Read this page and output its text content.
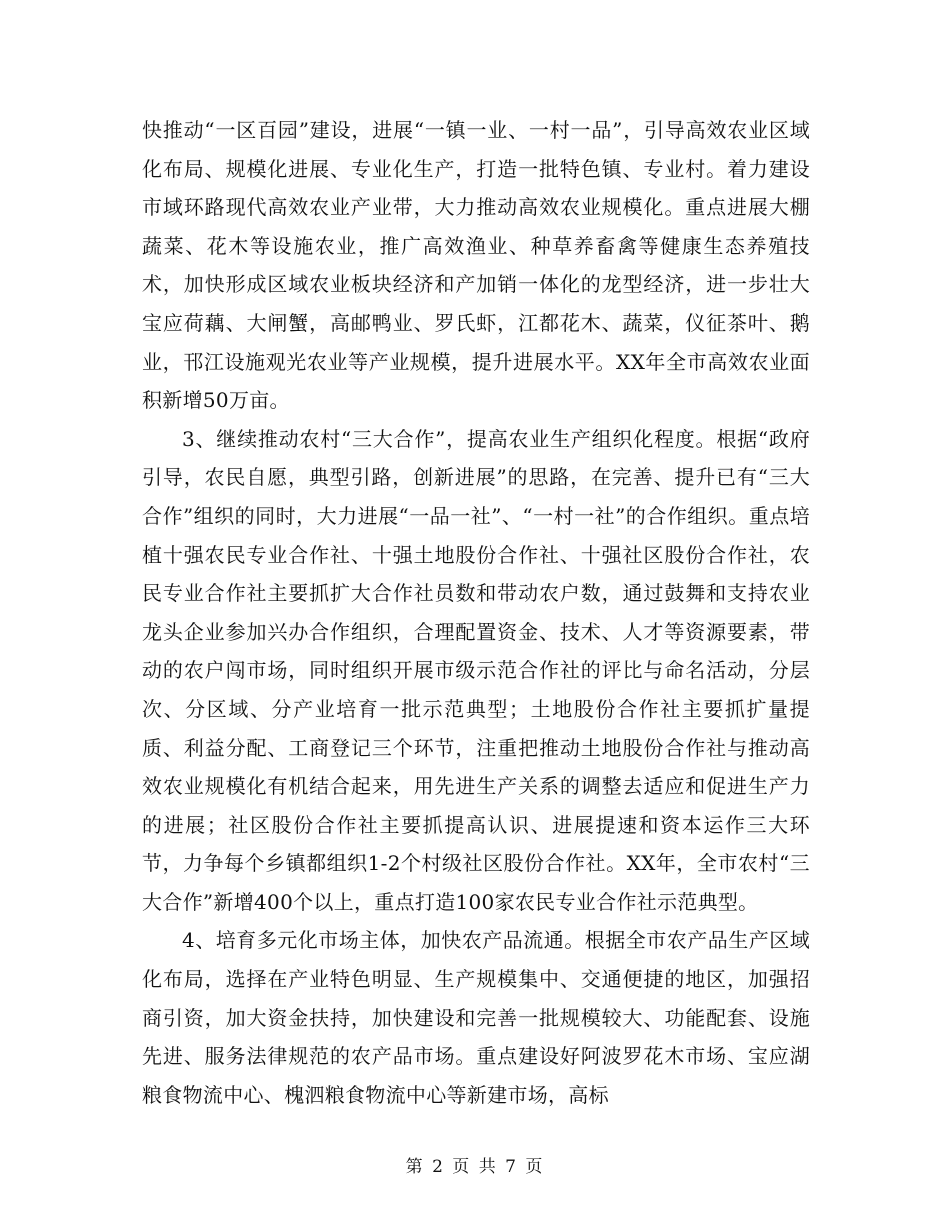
快推动“一区百园”建设，进展“一镇一业、一村一品”，引导高效农业区域化布局、规模化进展、专业化生产，打造一批特色镇、专业村。着力建设市域环路现代高效农业产业带，大力推动高效农业规模化。重点进展大棚蔬菜、花木等设施农业，推广高效渔业、种草养畜禽等健康生态养殖技术，加快形成区域农业板块经济和产加销一体化的龙型经济，进一步壮大宝应荷藕、大闸蟹，高邮鸭业、罗氏虾，江都花木、蔬菜，仪征茶叶、鹅业，邗江设施观光农业等产业规模，提升进展水平。XX年全市高效农业面积新增50万亩。

3、继续推动农村“三大合作”，提高农业生产组织化程度。根据“政府引导，农民自愿，典型引路，创新进展”的思路，在完善、提升已有“三大合作”组织的同时，大力进展“一品一社”、“一村一社”的合作组织。重点培植十强农民专业合作社、十强土地股份合作社、十强社区股份合作社，农民专业合作社主要抓扩大合作社员数和带动农户数，通过鼓舞和支持农业龙头企业参加兴办合作组织，合理配置资金、技术、人才等资源要素，带动的农户闯市场，同时组织开展市级示范合作社的评比与命名活动，分层次、分区域、分产业培育一批示范典型；土地股份合作社主要抓扩量提质、利益分配、工商登记三个环节，注重把推动土地股份合作社与推动高效农业规模化有机结合起来，用先进生产关系的调整去适应和促进生产力的进展；社区股份合作社主要抓提高认识、进展提速和资本运作三大环节，力争每个乡镇都组织1-2个村级社区股份合作社。XX年，全市农村“三大合作”新增400个以上，重点打造100家农民专业合作社示范典型。

4、培育多元化市场主体，加快农产品流通。根据全市农产品生产区域化布局，选择在产业特色明显、生产规模集中、交通便捷的地区，加强招商引资，加大资金扶持，加快建设和完善一批规模较大、功能配套、设施先进、服务法律规范的农产品市场。重点建设好阿波罗花木市场、宝应湖粮食物流中心、槐泗粮食物流中心等新建市场，高标

第 2 页 共 7 页
